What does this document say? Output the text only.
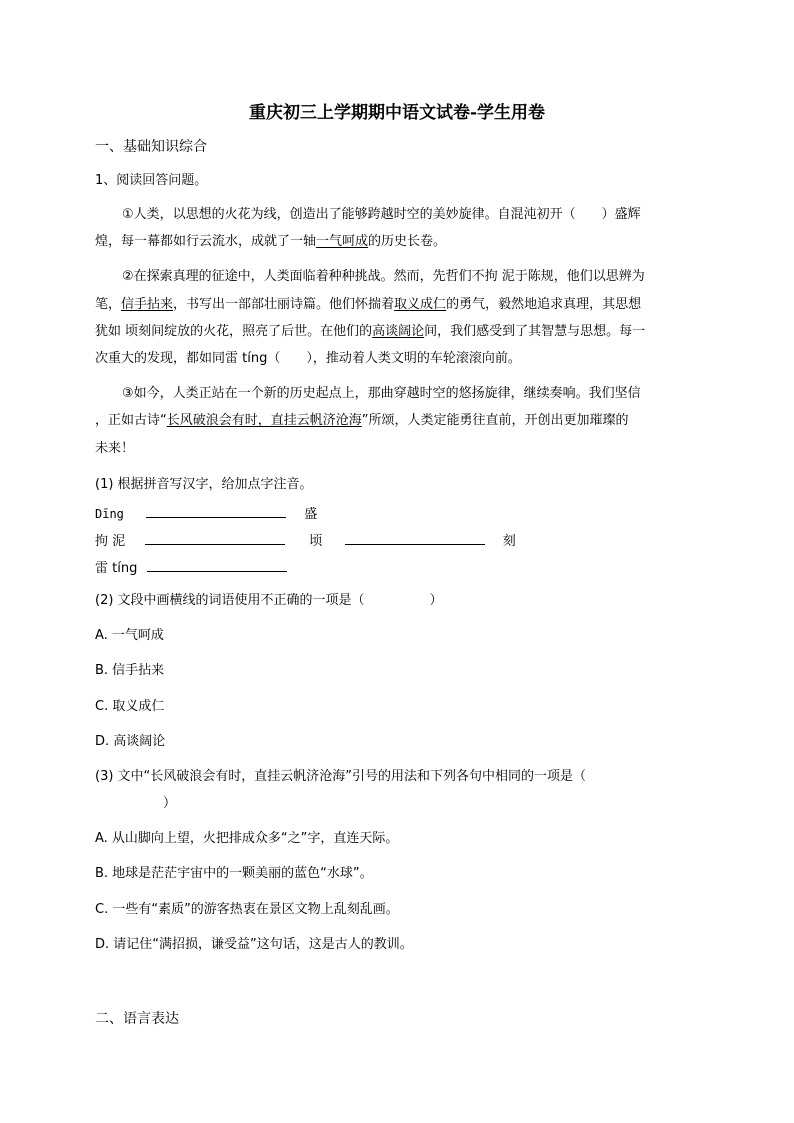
重庆初三上学期期中语文试卷-学生用卷
一、基础知识综合
1、阅读回答问题。
①人类，以思想的火花为线，创造出了能够跨越时空的美妙旋律。自混沌初开（　　）盛辉
煌，每一幕都如行云流水，成就了一轴一气呵成的历史长卷。
②在探索真理的征途中，人类面临着种种挑战。然而，先哲们不拘 泥于陈规，他们以思辨为
笔，信手拈来，书写出一部部壮丽诗篇。他们怀揣着取义成仁的勇气，毅然地追求真理，其思想
犹如 顷刻间绽放的火花，照亮了后世。在他们的高谈阔论间，我们感受到了其智慧与思想。每一
次重大的发现，都如同雷 tíng（　　），推动着人类文明的车轮滚滚向前。
③如今，人类正站在一个新的历史起点上，那曲穿越时空的悠扬旋律，继续奏响。我们坚信
，正如古诗“长风破浪会有时，直挂云帆济沧海”所颂，人类定能勇往直前，开创出更加璀璨的
未来！
(1) 根据拼音写汉字，给加点字注音。
Dīng	盛
拘 泥	顷	刻
雷 tíng
(2) 文段中画横线的词语使用不正确的一项是（　　　　　）
A. 一气呵成
B. 信手拈来
C. 取义成仁
D. 高谈阔论
(3) 文中“长风破浪会有时，直挂云帆济沧海”引号的用法和下列各句中相同的一项是（
）
A. 从山脚向上望，火把排成众多“之”字，直连天际。
B. 地球是茫茫宇宙中的一颗美丽的蓝色“水球”。
C. 一些有“素质”的游客热衷在景区文物上乱刻乱画。
D. 请记住“满招损，谦受益”这句话，这是古人的教训。
二、语言表达
